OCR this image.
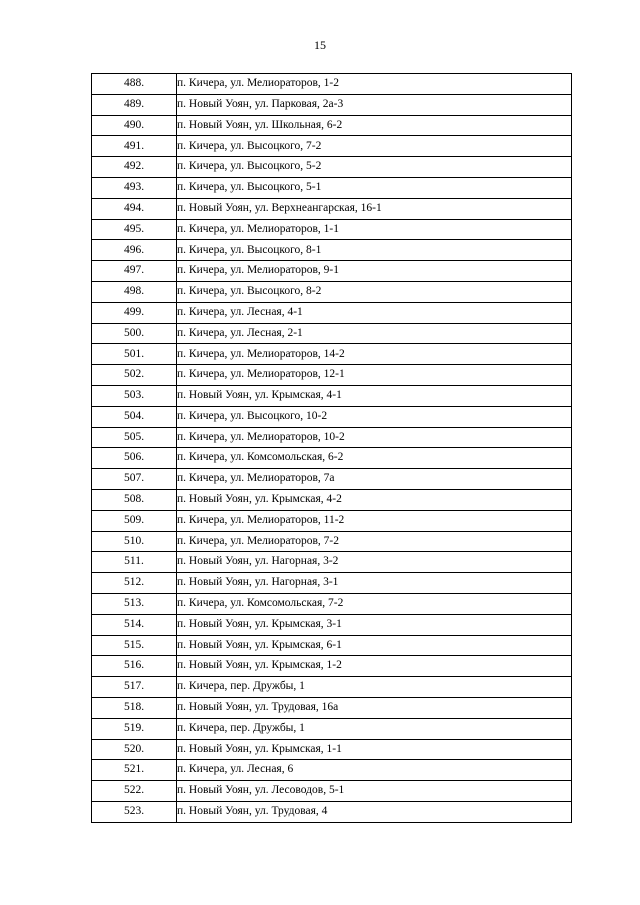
15
488.	п. Кичера, ул. Мелиораторов, 1-2
489.	п. Новый Уоян, ул. Парковая, 2а-3
490.	п. Новый Уоян, ул. Школьная, 6-2
491.	п. Кичера, ул. Высоцкого, 7-2
492.	п. Кичера, ул. Высоцкого, 5-2
493.	п. Кичера, ул. Высоцкого, 5-1
494.	п. Новый Уоян, ул. Верхнеангарская, 16-1
495.	п. Кичера, ул. Мелиораторов, 1-1
496.	п. Кичера, ул. Высоцкого, 8-1
497.	п. Кичера, ул. Мелиораторов, 9-1
498.	п. Кичера, ул. Высоцкого, 8-2
499.	п. Кичера, ул. Лесная, 4-1
500.	п. Кичера, ул. Лесная, 2-1
501.	п. Кичера, ул. Мелиораторов, 14-2
502.	п. Кичера, ул. Мелиораторов, 12-1
503.	п. Новый Уоян, ул. Крымская, 4-1
504.	п. Кичера, ул. Высоцкого, 10-2
505.	п. Кичера, ул. Мелиораторов, 10-2
506.	п. Кичера, ул. Комсомольская, 6-2
507.	п. Кичера, ул. Мелиораторов, 7а
508.	п. Новый Уоян, ул. Крымская, 4-2
509.	п. Кичера, ул. Мелиораторов, 11-2
510.	п. Кичера, ул. Мелиораторов, 7-2
511.	п. Новый Уоян, ул. Нагорная, 3-2
512.	п. Новый Уоян, ул. Нагорная, 3-1
513.	п. Кичера, ул. Комсомольская, 7-2
514.	п. Новый Уоян, ул. Крымская, 3-1
515.	п. Новый Уоян, ул. Крымская, 6-1
516.	п. Новый Уоян, ул. Крымская, 1-2
517.	п. Кичера, пер. Дружбы, 1
518.	п. Новый Уоян, ул. Трудовая, 16а
519.	п. Кичера, пер. Дружбы, 1
520.	п. Новый Уоян, ул. Крымская, 1-1
521.	п. Кичера, ул. Лесная, 6
522.	п. Новый Уоян, ул. Лесоводов, 5-1
523.	п. Новый Уоян, ул. Трудовая, 4
